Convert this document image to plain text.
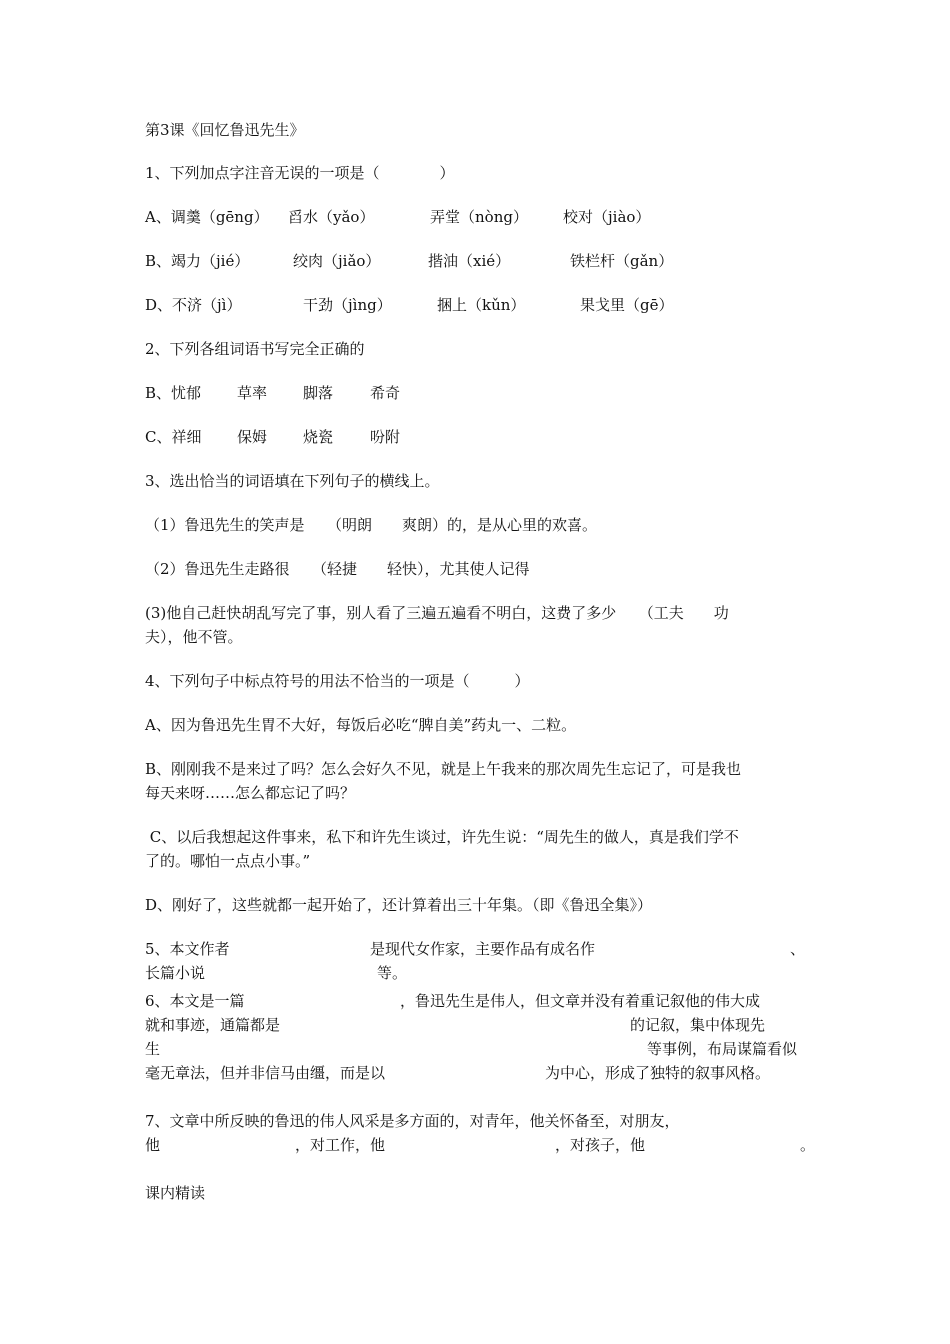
第3课《回忆鲁迅先生》
1、下列加点字注音无误的一项是（　　　　）

A、调羹（gēng）

舀水（yǎo）

	弄堂（nòng）

校对（jiào）

B、竭力（jié）

	绞肉（jiǎo）

	揩油（xié）

	铁栏杆（gǎn）

D、不济（jì）

	干劲（jìng）

	捆上（kǔn）

	果戈里（gē）

2、下列各组词语书写完全正确的

B、忧郁

草率

脚落

希奇

C、祥细

保姆

烧瓷

吩附

3、选出恰当的词语填在下列句子的横线上。
（1）鲁迅先生的笑声是　　（明朗　　爽朗）的，是从心里的欢喜。
（2）鲁迅先生走路很　　（轻捷　　轻快），尤其使人记得
(3)他自己赶快胡乱写完了事，别人看了三遍五遍看不明白，这费了多少　　（工夫　　功
夫），他不管。
4、下列句子中标点符号的用法不恰当的一项是（　　　）
A、因为鲁迅先生胃不大好，每饭后必吃“脾自美”药丸一、二粒。
B、刚刚我不是来过了吗？怎么会好久不见，就是上午我来的那次周先生忘记了，可是我也
每天来呀……怎么都忘记了吗？
C、以后我想起这件事来，私下和许先生谈过，许先生说：“周先生的做人，真是我们学不
了的。哪怕一点点小事。”
D、刚好了，这些就都一起开始了，还计算着出三十年集。（即《鲁迅全集》）

5、本文作者

	是现代女作家，主要作品有成名作

	、

长篇小说

	等。

6、本文是一篇

	，鲁迅先生是伟人，但文章并没有着重记叙他的伟大成

就和事迹，通篇都是

	的记叙，集中体现先

生

	等事例，布局谋篇看似

毫无章法，但并非信马由缰，而是以

	为中心，形成了独特的叙事风格。

7、文章中所反映的鲁迅的伟人风采是多方面的，对青年，他关怀备至，对朋友，

他

	，对工作，他

	，对孩子，他

	。

课内精读
